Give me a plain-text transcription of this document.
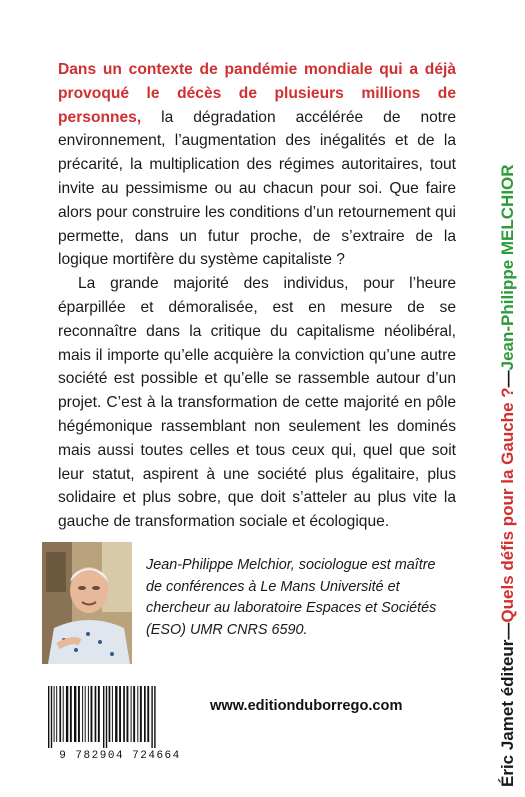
Dans un contexte de pandémie mondiale qui a déjà provoqué le décès de plusieurs millions de personnes, la dégradation accélérée de notre environnement, l’augmentation des inégalités et de la précarité, la multiplication des régimes autoritaires, tout invite au pessimisme ou au chacun pour soi. Que faire alors pour construire les conditions d’un retournement qui permette, dans un futur proche, de s’extraire de la logique mortifère du système capitaliste ?

La grande majorité des individus, pour l’heure éparpillée et démoralisée, est en mesure de se reconnaître dans la critique du capitalisme néolibéral, mais il importe qu’elle acquière la conviction qu’une autre société est possible et qu’elle se rassemble autour d’un projet. C’est à la transformation de cette majorité en pôle hégémonique rassemblant non seulement les dominés mais aussi toutes celles et tous ceux qui, quel que soit leur statut, aspirent à une société plus égalitaire, plus solidaire et plus sobre, que doit s’atteler au plus vite la gauche de transformation sociale et écologique.

Jean-Philippe Melchior, sociologue est maître de conférences à Le Mans Université et chercheur au laboratoire Espaces et Sociétés (ESO) UMR CNRS 6590.

9 782904 724664
www.editionduborrego.com	Éric Jamet éditeur
—
Quels défis pour la Gauche ?
—
Jean-Philippe MELCHIOR
